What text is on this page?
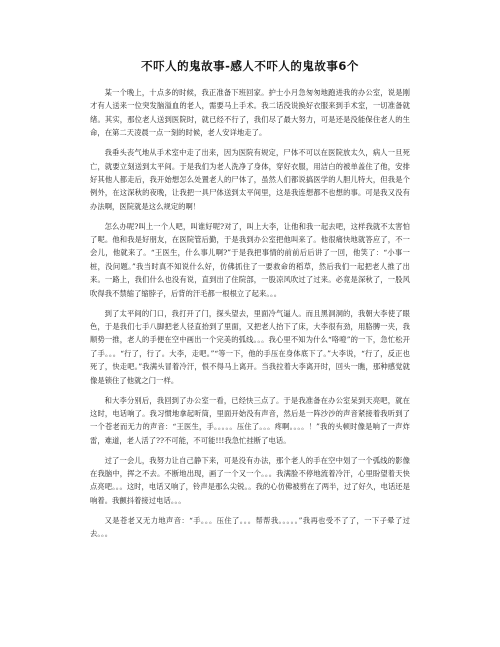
不吓人的鬼故事-感人不吓人的鬼故事6个

某一个晚上，十点多的时候，我正准备下班回家。护士小月急匆匆地跑进我的办公室，说是刚才有人送来一位突发脑溢血的老人，需要马上手术。我二话没说换好衣服来到手术室，一切准备就绪。其实，那位老人送到医院时，就已经不行了，我们尽了最大努力，可是还是没能保住老人的生命，在第二天凌晨一点一刻的时候，老人安详地走了。

我垂头丧气地从手术室中走了出来，因为医院有规定，尸体不可以在医院放太久，病人一旦死亡，就要立刻送到太平间。于是我们为老人洗净了身体，穿好衣服，用洁白的被单盖住了他，安排好其他人都走后，我开始想怎么处置老人的尸体了，虽然人们都说搞医学的人胆儿特大，但我是个例外，在这深秋的夜晚，让我把一具尸体送到太平间里，这是我连想都不也想的事。可是我又没有办法啊，医院就是这么规定的啊！

怎么办呢?叫上一个人吧，叫谁好呢?对了，叫上大李，让他和我一起去吧，这样我就不太害怕了呢。他和我是好朋友，在医院管后勤，于是我到办公室把他叫来了。他很痛快地就答应了，不一会儿，他就来了。“王医生，什么事儿啊?”于是我把事情的前前后后讲了一回，他笑了：“小事一桩，没问题。”我当时真不知说什么好，仿佛抓住了一要救命的稻草，然后我们一起把老人推了出来。一路上，我们什么也没有说，直到出了住院部，一股凉风吹过了过来。必竟是深秋了，一股风吹得我不禁缩了缩脖子，后背的汗毛都一根根立了起来。。。

到了太平间的门口，我打开了门，探头望去，里面冷气逼人。而且黑洞洞的，我朝大李使了眼色，于是我们七手八脚把老人径直抬到了里面，又把老人抬下了床，大李很有劲，用胳膊一夹，我顺势一推，老人的手便在空中画出一个完美的弧线。。。我心里不知为什么“咯噔”的一下，急忙松开了手。。。“行了，行了。大李，走吧。”“等一下，他的手压在身体底下了。”大李说，“行了，反正也死了，快走吧。”我满头冒着冷汗，恨不得马上离开。当我拉着大李离开时，回头一瞧，那种感觉就像是锁住了他就之门一样。

和大李分别后，我回到了办公室一看，已经快三点了。于是我准备在办公室呆到天亮吧，就在这时，电话响了。我习惯地拿起听筒，里面开始没有声音，然后是一阵沙沙的声音紧接着我听到了一个苍老而无力的声音：“王医生，手。。。。。压住了。。。疼啊。。。。！”我的头顿时像是响了一声炸雷，难道，老人活了??不可能，不可能!!!我急忙挂断了电话。

过了一会儿，我努力让自己静下来，可是没有办法，那个老人的手在空中划了一个弧线的影像在我脑中，挥之不去。不断地出现，画了一个又一个。。。我满脸不停地流着冷汗，心里盼望着天快点亮吧。。。这时，电话又响了，铃声是那么尖锐。。我的心仿佛被剪在了两半，过了好久，电话还是响着。我颤抖着接过电话。。。

又是苍老又无力地声音：“手。。。压住了。。。帮帮我。。。。。”我再也受不了了，一下子晕了过去。。。
